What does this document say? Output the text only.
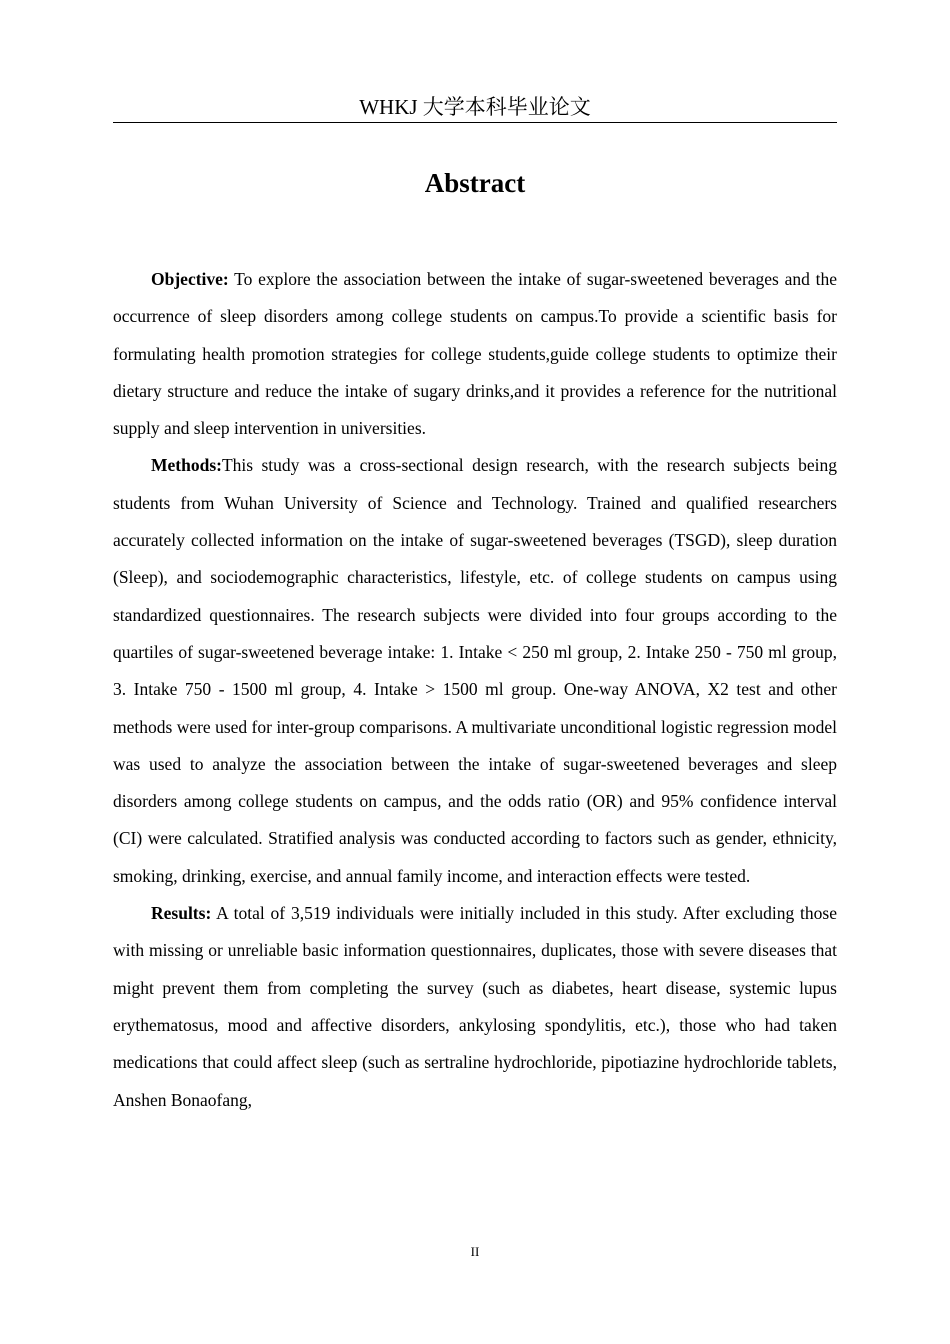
WHKJ 大学本科毕业论文
Abstract

Objective: To explore the association between the intake of sugar-sweetened beverages and the occurrence of sleep disorders among college students on campus.To provide a scientific basis for formulating health promotion strategies for college students,guide college students to optimize their dietary structure and reduce the intake of sugary drinks,and it provides a reference for the nutritional supply and sleep intervention in universities.

Methods:This study was a cross-sectional design research, with the research subjects being students from Wuhan University of Science and Technology. Trained and qualified researchers accurately collected information on the intake of sugar-sweetened beverages (TSGD), sleep duration (Sleep), and sociodemographic characteristics, lifestyle, etc. of college students on campus using standardized questionnaires. The research subjects were divided into four groups according to the quartiles of sugar-sweetened beverage intake: 1. Intake < 250 ml group, 2. Intake 250 - 750 ml group, 3. Intake 750 - 1500 ml group, 4. Intake > 1500 ml group. One-way ANOVA, X2 test and other methods were used for inter-group comparisons. A multivariate unconditional logistic regression model was used to analyze the association between the intake of sugar-sweetened beverages and sleep disorders among college students on campus, and the odds ratio (OR) and 95% confidence interval (CI) were calculated. Stratified analysis was conducted according to factors such as gender, ethnicity, smoking, drinking, exercise, and annual family income, and interaction effects were tested.

Results: A total of 3,519 individuals were initially included in this study. After excluding those with missing or unreliable basic information questionnaires, duplicates, those with severe diseases that might prevent them from completing the survey (such as diabetes, heart disease, systemic lupus erythematosus, mood and affective disorders, ankylosing spondylitis, etc.), those who had taken medications that could affect sleep (such as sertraline hydrochloride, pipotiazine hydrochloride tablets, Anshen Bonaofang,

II
